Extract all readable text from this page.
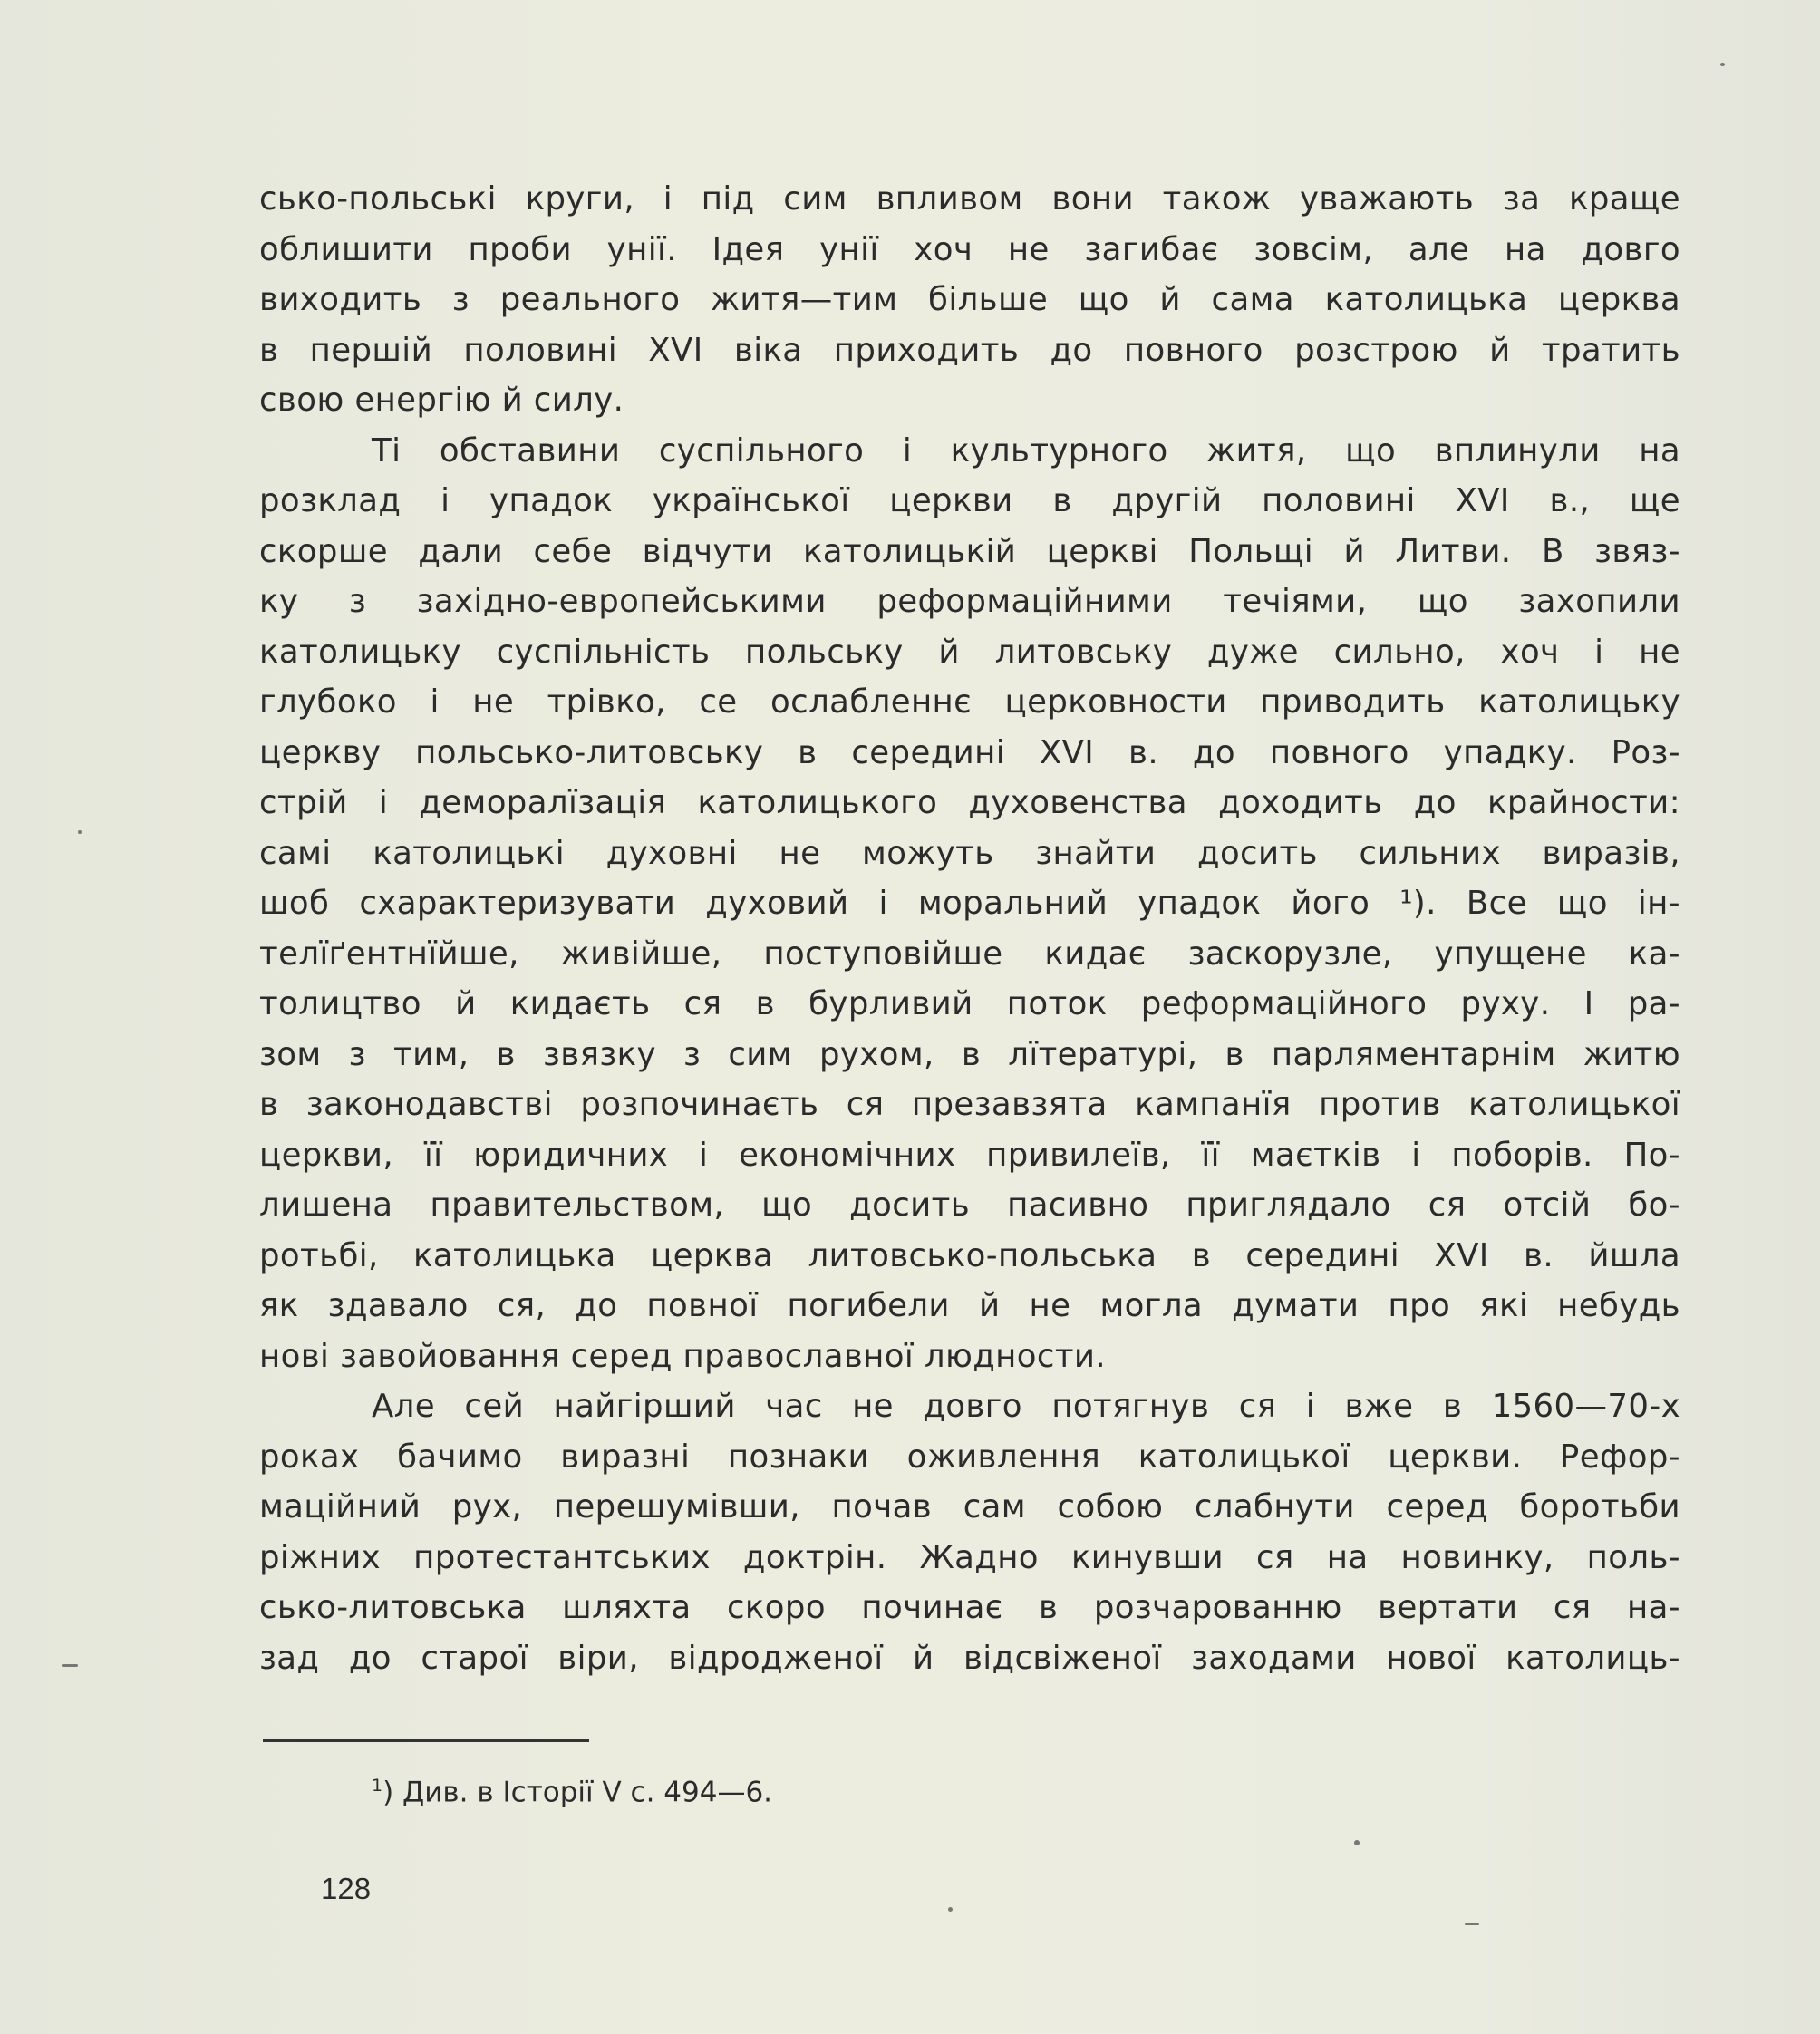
сько-польські круги, і під сим впливом вони також уважають за краще
облишити проби унії. Ідея унії хоч не загибає зовсім, але на довго
виходить з реального житя—тим більше що й сама католицька церква
в першій половині XVI віка приходить до повного розстрою й тратить
свою енергію й силу.
Ті обставини суспільного і культурного житя, що вплинули на
розклад і упадок української церкви в другій половині XVI в., ще
скорше дали себе відчути католицькій церкві Польщі й Литви. В звяз-
ку з західно-европейськими реформаційними течіями, що захопили
католицьку суспільність польську й литовську дуже сильно, хоч і не
глубоко і не трівко, се ослабленнє церковности приводить католицьку
церкву польсько-литовську в середині XVI в. до повного упадку. Роз-
стрій і деморалїзація католицького духовенства доходить до крайности:
самі католицькі духовні не можуть знайти досить сильних виразів,
шоб схарактеризувати духовий і моральний упадок його ¹). Все що ін-
телїґентнїйше, живійше, поступовійше кидає заскорузле, упущене ка-
толицтво й кидаєть ся в бурливий поток реформаційного руху. І ра-
зом з тим, в звязку з сим рухом, в лїтературі, в парляментарнім житю
в законодавстві розпочинаєть ся презавзята кампанїя против католицької
церкви, її юридичних і економічних привилеїв, її маєтків і поборів. По-
лишена правительством, що досить пасивно приглядало ся отсій бо-
ротьбі, католицька церква литовсько-польська в середині XVI в. йшла
як здавало ся, до повної погибели й не могла думати про які небудь
нові завойовання серед православної людности.
Але сей найгірший час не довго потягнув ся і вже в 1560—70-х
роках бачимо виразні познаки оживлення католицької церкви. Рефор-
маційний рух, перешумівши, почав сам собою слабнути серед боротьби
ріжних протестантських доктрін. Жадно кинувши ся на новинку, поль-
сько-литовська шляхта скоро починає в розчарованню вертати ся на-
зад до старої віри, відродженої й відсвіженої заходами нової католиць-
$^1$) Див. в Історії V с. 494—6.
128
